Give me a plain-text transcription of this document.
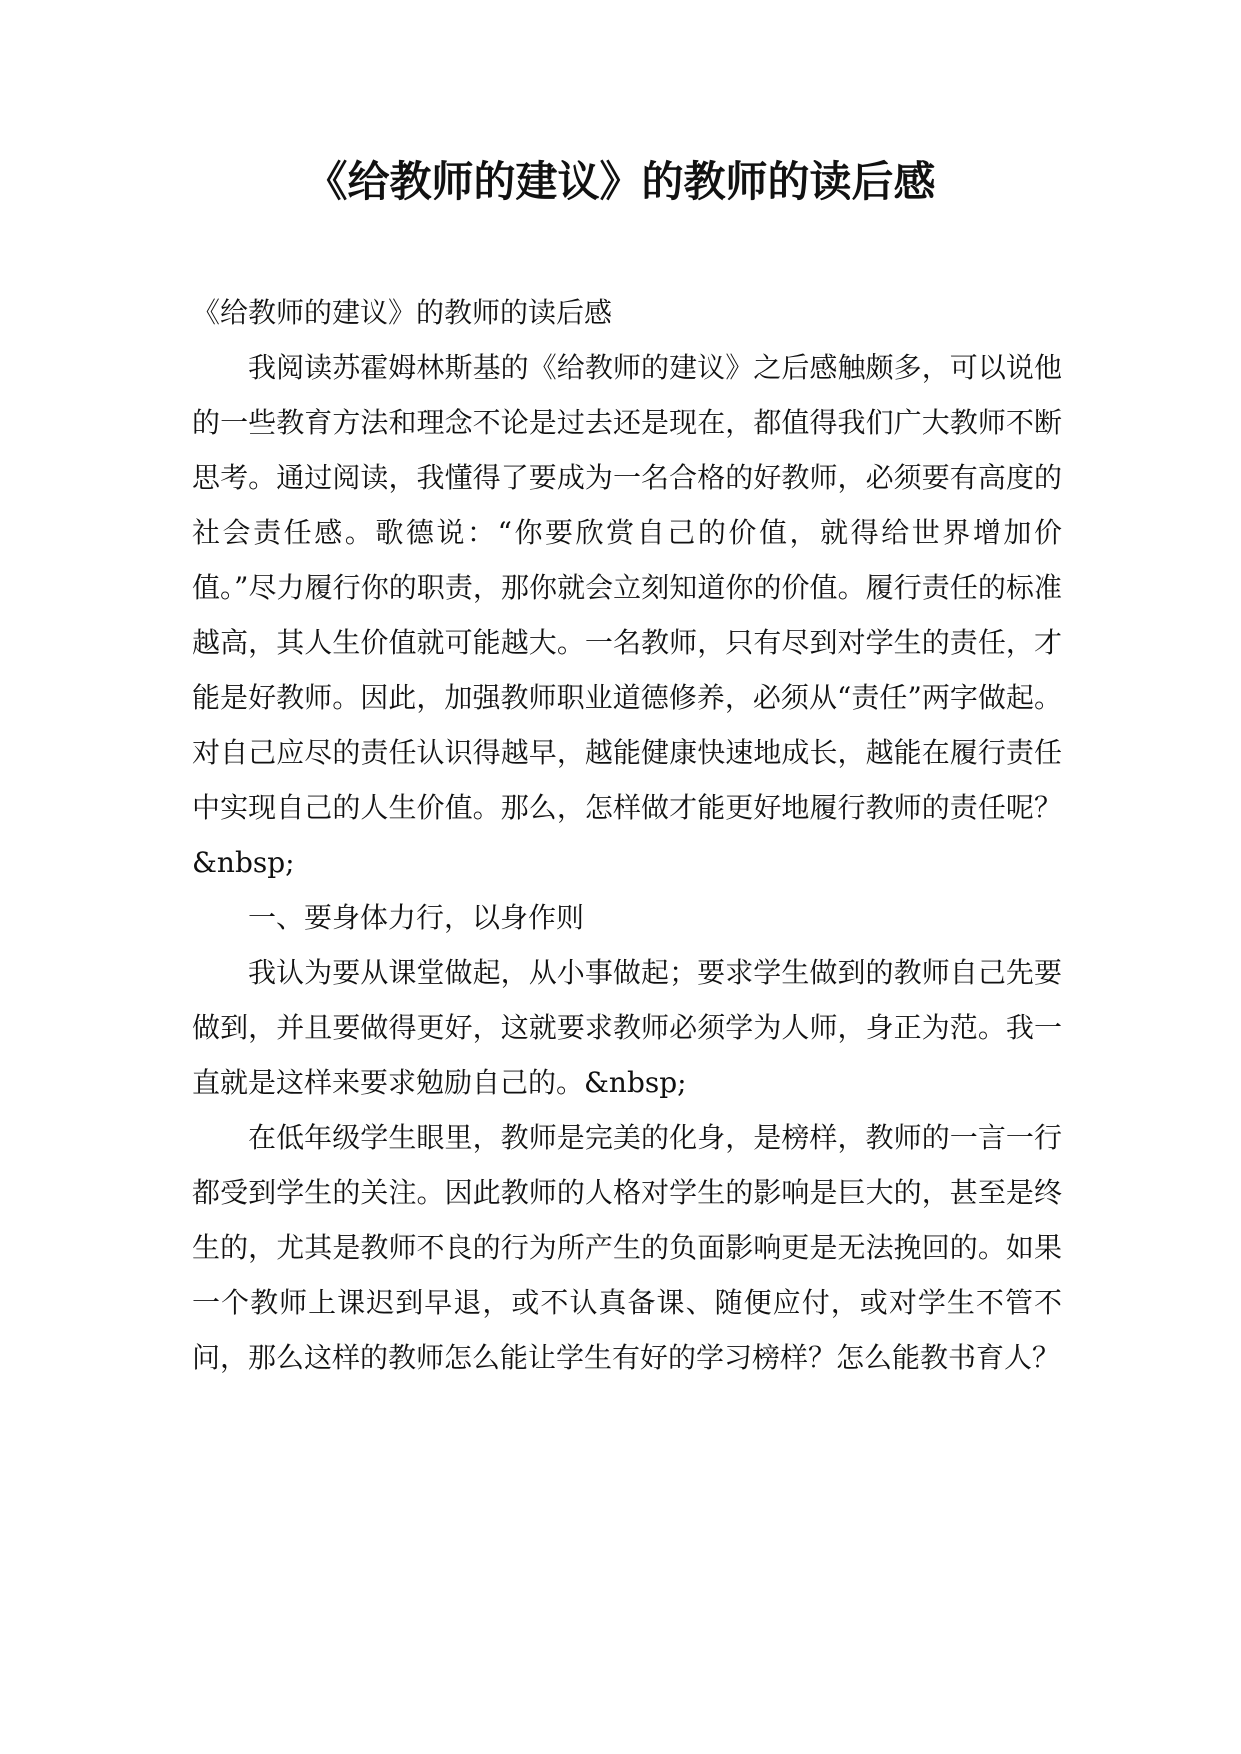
《给教师的建议》的教师的读后感

《给教师的建议》的教师的读后感

我阅读苏霍姆林斯基的《给教师的建议》之后感触颇多，可以说他的一些教育方法和理念不论是过去还是现在，都值得我们广大教师不断思考。通过阅读，我懂得了要成为一名合格的好教师，必须要有高度的社会责任感。歌德说：“你要欣赏自己的价值，就得给世界增加价值。”尽力履行你的职责，那你就会立刻知道你的价值。履行责任的标准越高，其人生价值就可能越大。一名教师，只有尽到对学生的责任，才能是好教师。因此，加强教师职业道德修养，必须从“责任”两字做起。对自己应尽的责任认识得越早，越能健康快速地成长，越能在履行责任中实现自己的人生价值。那么，怎样做才能更好地履行教师的责任呢？&nbsp;

一、要身体力行，以身作则

我认为要从课堂做起，从小事做起；要求学生做到的教师自己先要做到，并且要做得更好，这就要求教师必须学为人师，身正为范。我一直就是这样来要求勉励自己的。&nbsp;

在低年级学生眼里，教师是完美的化身，是榜样，教师的一言一行都受到学生的关注。因此教师的人格对学生的影响是巨大的，甚至是终生的，尤其是教师不良的行为所产生的负面影响更是无法挽回的。如果一个教师上课迟到早退，或不认真备课、随便应付，或对学生不管不问，那么这样的教师怎么能让学生有好的学习榜样？怎么能教书育人？
